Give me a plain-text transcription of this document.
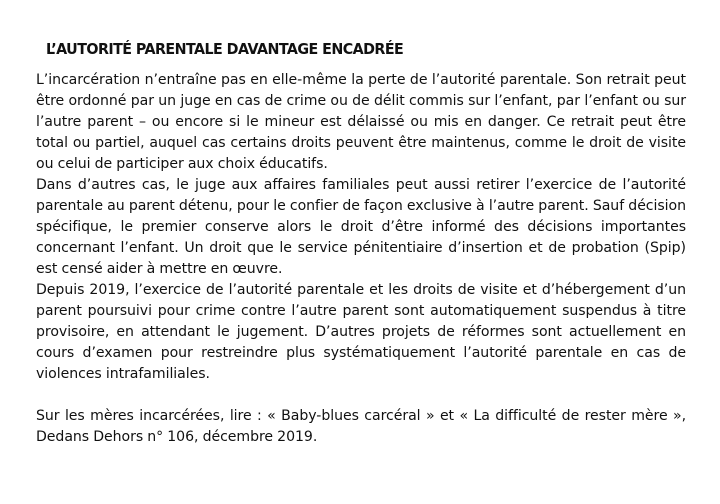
L’AUTORITÉ PARENTALE DAVANTAGE ENCADRÉE

L’incarcération n’entraîne pas en elle-même la perte de l’autorité parentale. Son retrait peut être ordonné par un juge en cas de crime ou de délit commis sur l’enfant, par l’enfant ou sur l’autre parent – ou encore si le mineur est délaissé ou mis en danger. Ce retrait peut être total ou partiel, auquel cas certains droits peuvent être maintenus, comme le droit de visite ou celui de participer aux choix éducatifs.

Dans d’autres cas, le juge aux affaires familiales peut aussi retirer l’exercice de l’autorité parentale au parent détenu, pour le confier de façon exclusive à l’autre parent. Sauf décision spécifique, le premier conserve alors le droit d’être informé des décisions importantes concernant l’enfant. Un droit que le service pénitentiaire d’insertion et de probation (Spip) est censé aider à mettre en œuvre.

Depuis 2019, l’exercice de l’autorité parentale et les droits de visite et d’hébergement d’un parent poursuivi pour crime contre l’autre parent sont automatiquement suspendus à titre provisoire, en attendant le jugement. D’autres projets de réformes sont actuellement en cours d’examen pour restreindre plus systématiquement l’autorité parentale en cas de violences intrafamiliales.

Sur les mères incarcérées, lire : « Baby-blues carcéral » et « La difficulté de rester mère », Dedans Dehors n° 106, décembre 2019.
